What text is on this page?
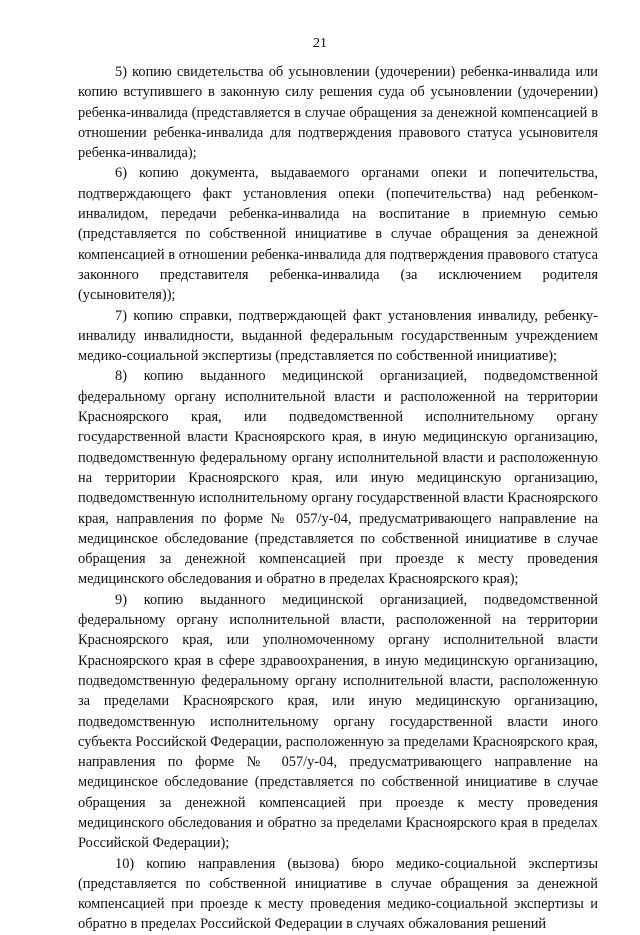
21

5) копию свидетельства об усыновлении (удочерении) ребенка-инвалида или копию вступившего в законную силу решения суда об усыновлении (удочерении) ребенка-инвалида (представляется в случае обращения за денежной компенсацией в отношении ребенка-инвалида для подтверждения правового статуса усыновителя ребенка-инвалида);

6) копию документа, выдаваемого органами опеки и попечительства, подтверждающего факт установления опеки (попечительства) над ребенком-инвалидом, передачи ребенка-инвалида на воспитание в приемную семью (представляется по собственной инициативе в случае обращения за денежной компенсацией в отношении ребенка-инвалида для подтверждения правового статуса законного представителя ребенка-инвалида (за исключением родителя (усыновителя));

7) копию справки, подтверждающей факт установления инвалиду, ребенку-инвалиду инвалидности, выданной федеральным государственным учреждением медико-социальной экспертизы (представляется по собственной инициативе);

8) копию выданного медицинской организацией, подведомственной федеральному органу исполнительной власти и расположенной на территории Красноярского края, или подведомственной исполнительному органу государственной власти Красноярского края, в иную медицинскую организацию, подведомственную федеральному органу исполнительной власти и расположенную на территории Красноярского края, или иную медицинскую организацию, подведомственную исполнительному органу государственной власти Красноярского края, направления по форме № 057/у-04, предусматривающего направление на медицинское обследование (представляется по собственной инициативе в случае обращения за денежной компенсацией при проезде к месту проведения медицинского обследования и обратно в пределах Красноярского края);

9) копию выданного медицинской организацией, подведомственной федеральному органу исполнительной власти, расположенной на территории Красноярского края, или уполномоченному органу исполнительной власти Красноярского края в сфере здравоохранения, в иную медицинскую организацию, подведомственную федеральному органу исполнительной власти, расположенную за пределами Красноярского края, или иную медицинскую организацию, подведомственную исполнительному органу государственной власти иного субъекта Российской Федерации, расположенную за пределами Красноярского края, направления по форме № 057/у-04, предусматривающего направление на медицинское обследование (представляется по собственной инициативе в случае обращения за денежной компенсацией при проезде к месту проведения медицинского обследования и обратно за пределами Красноярского края в пределах Российской Федерации);

10) копию направления (вызова) бюро медико-социальной экспертизы (представляется по собственной инициативе в случае обращения за денежной компенсацией при проезде к месту проведения медико-социальной экспертизы и обратно в пределах Российской Федерации в случаях обжалования решений
